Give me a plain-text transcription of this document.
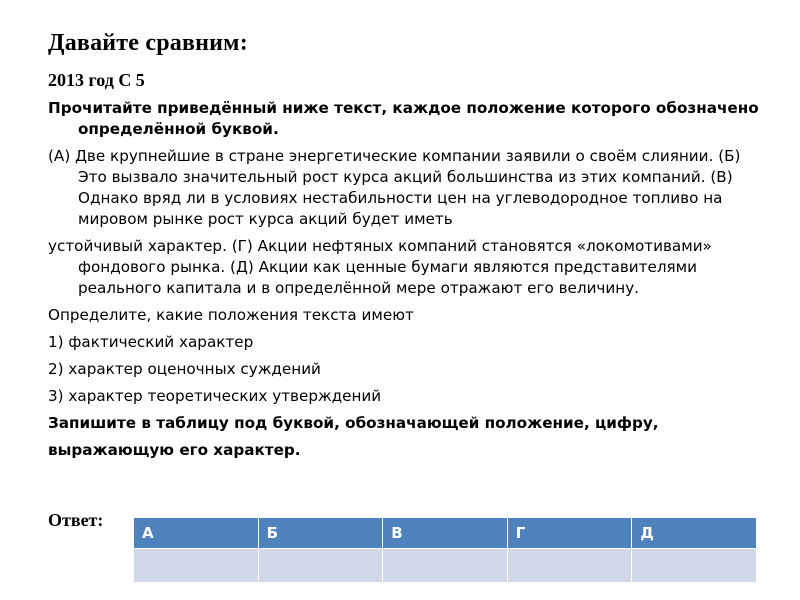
Давайте сравним:
2013 год С 5

Прочитайте приведённый ниже текст, каждое положение которого обозначено определённой буквой.

(А) Две крупнейшие в стране энергетические компании заявили о своём слиянии. (Б) Это вызвало значительный рост курса акций большинства из этих компаний. (В) Однако вряд ли в условиях нестабильности цен на углеводородное топливо на мировом рынке рост курса акций будет иметь

устойчивый характер. (Г) Акции нефтяных компаний становятся «локомотивами» фондового рынка. (Д) Акции как ценные бумаги являются представителями реального капитала и в определённой мере отражают его величину.

Определите, какие положения текста имеют

1) фактический характер

2) характер оценочных суждений

3) характер теоретических утверждений

Запишите в таблицу под буквой, обозначающей положение, цифру,

выражающую его характер.

Ответ:
А	Б	В	Г	Д
